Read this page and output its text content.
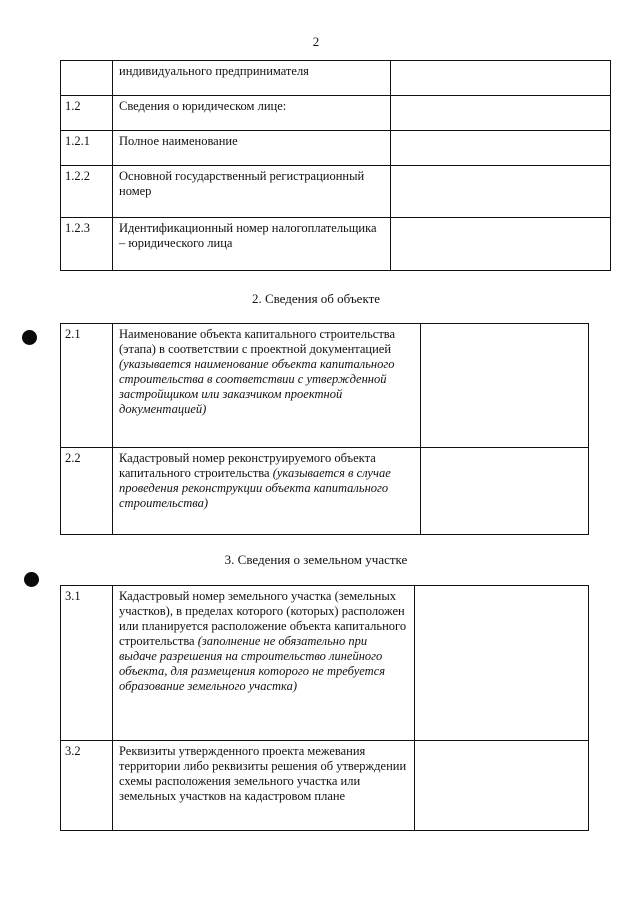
2
	индивидуального предпринимателя	
1.2	Сведения о юридическом лице:	
1.2.1	Полное наименование	
1.2.2	Основной государственный регистрационный номер	
1.2.3	Идентификационный номер налогоплательщика – юридического лица	
2. Сведения об объекте
2.1	Наименование объекта капитального строительства (этапа) в соответствии с проектной документацией (указывается наименование объекта капитального строительства в соответствии с утвержденной застройщиком или заказчиком проектной документацией)	
2.2	Кадастровый номер реконструируемого объекта капитального строительства (указывается в случае проведения реконструкции объекта капитального строительства)	
3. Сведения о земельном участке
3.1	Кадастровый номер земельного участка (земельных участков), в пределах которого (которых) расположен или планируется расположение объекта капитального строительства (заполнение не обязательно при выдаче разрешения на строительство линейного объекта, для размещения которого не требуется образование земельного участка)	
3.2	Реквизиты утвержденного проекта межевания территории либо реквизиты решения об утверждении схемы расположения земельного участка или земельных участков на кадастровом плане	
